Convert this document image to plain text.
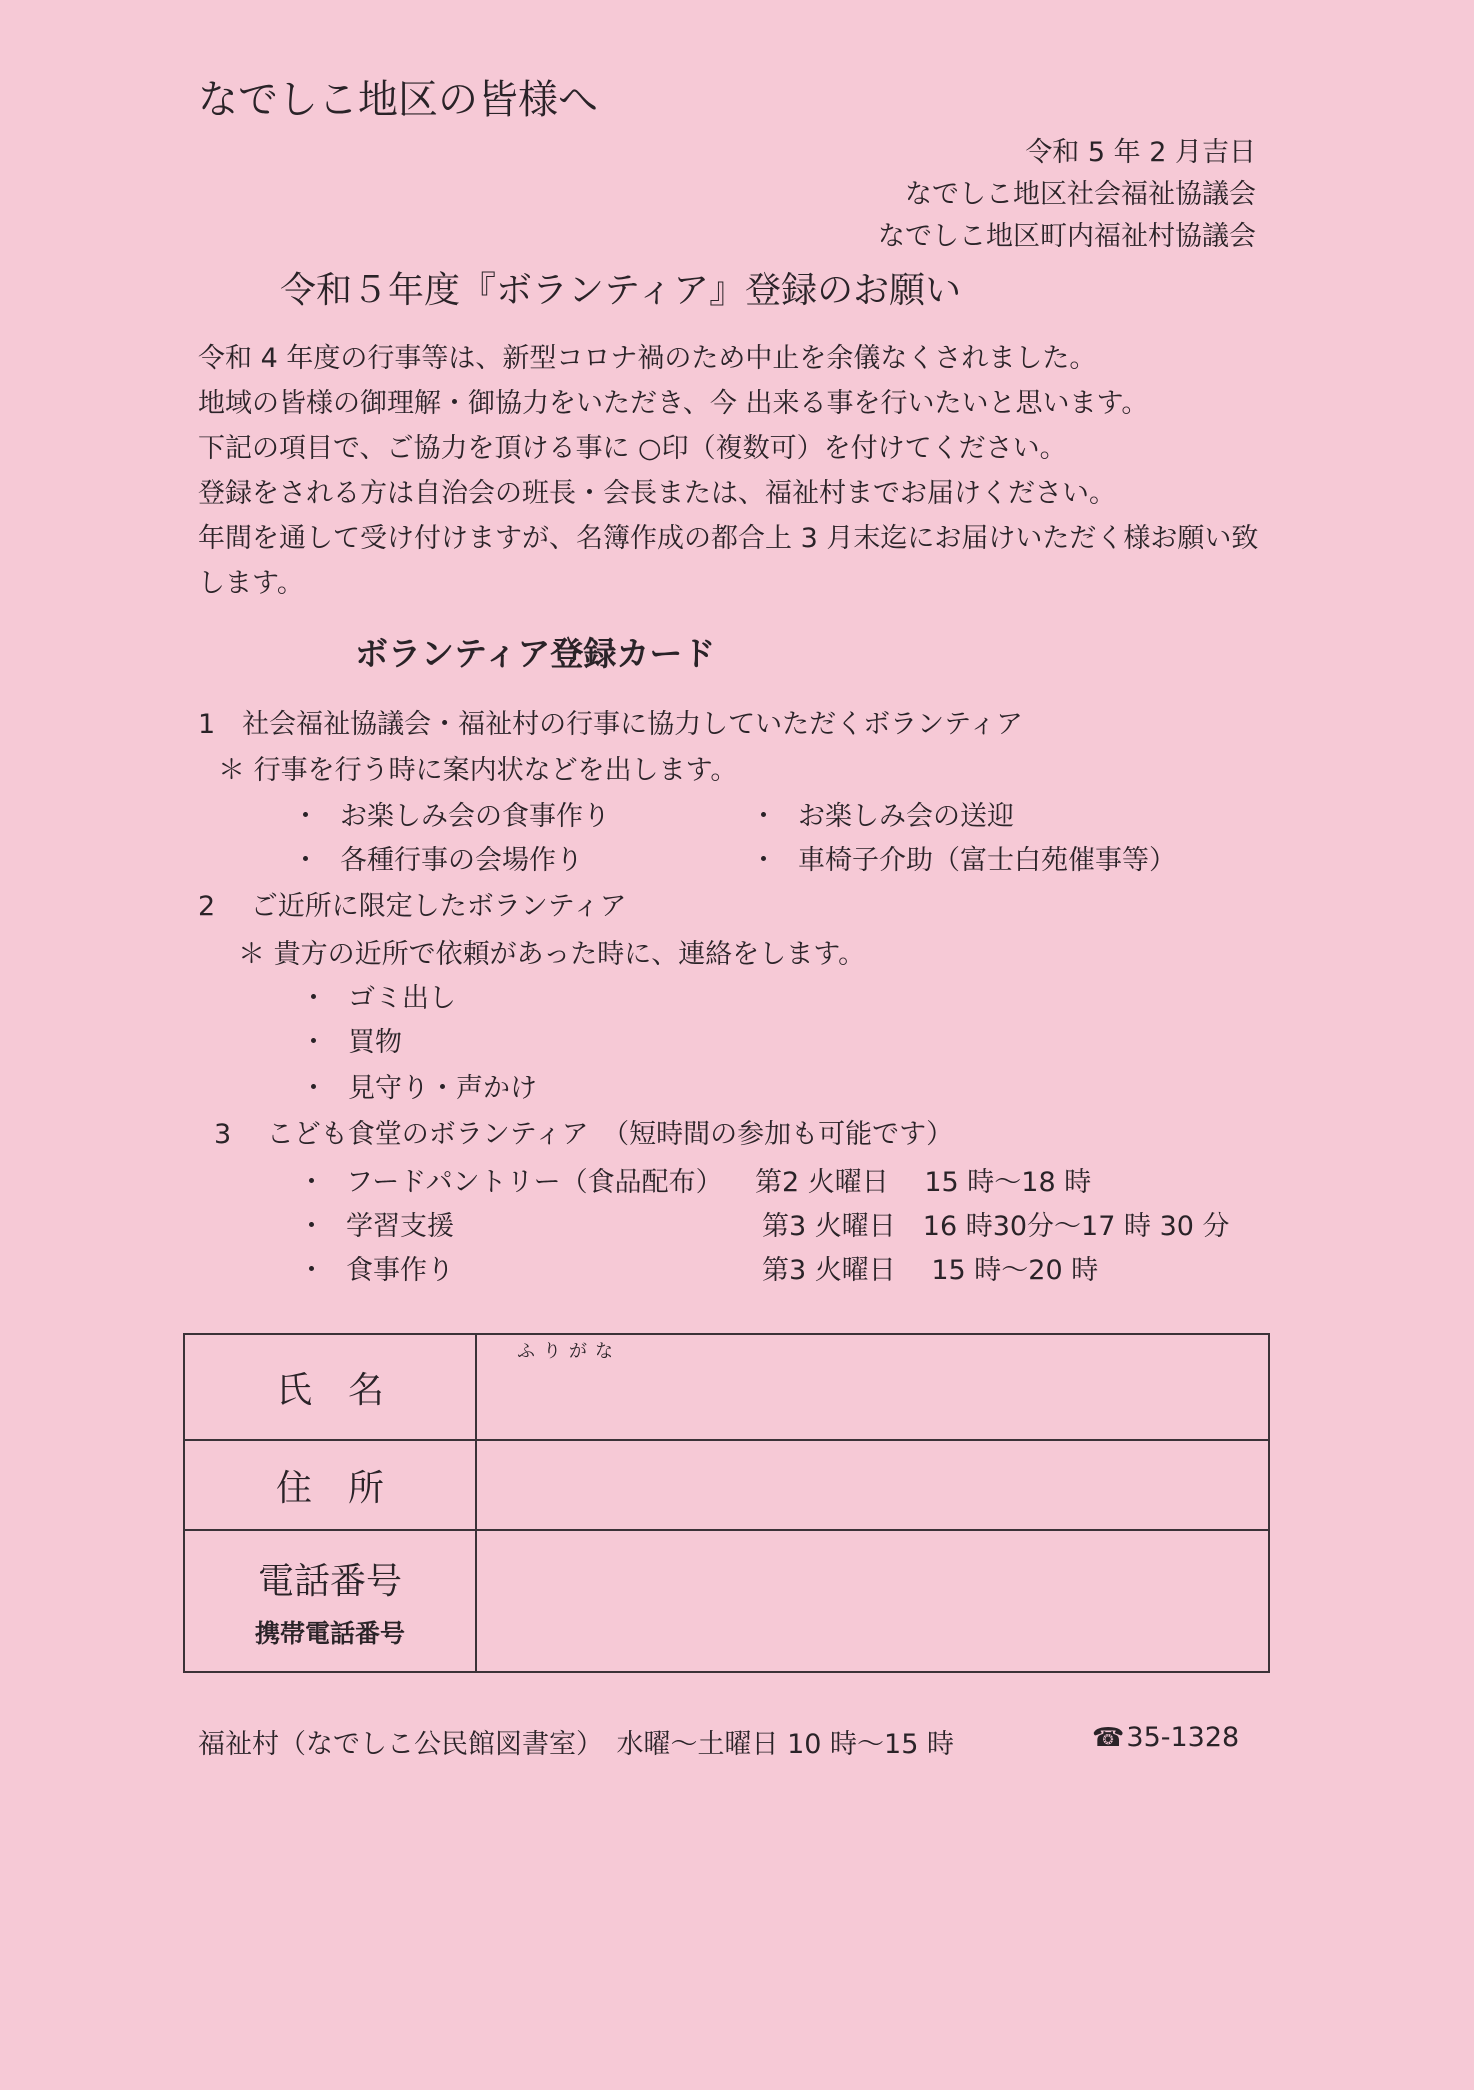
なでしこ地区の皆様へ
令和 5 年 2 月吉日
なでしこ地区社会福祉協議会
なでしこ地区町内福祉村協議会
令和５年度『ボランティア』登録のお願い

令和 4 年度の行事等は、新型コロナ禍のため中止を余儀なくされました。

地域の皆様の御理解・御協力をいただき、今 出来る事を行いたいと思います。

下記の項目で、ご協力を頂ける事に ○印（複数可）を付けてください。

登録をされる方は自治会の班長・会長または、福祉村までお届けください。

年間を通して受け付けますが、名簿作成の都合上 3 月末迄にお届けいただく様お願い致します。

ボランティア登録カード
1　社会福祉協議会・福祉村の行事に協力していただくボランティア
＊ 行事を行う時に案内状などを出します。
・ お楽しみ会の食事作り	・ お楽しみ会の送迎
・ 各種行事の会場作り	・ 車椅子介助（富士白苑催事等）
2　 ご近所に限定したボランティア
＊ 貴方の近所で依頼があった時に、連絡をします。
・ ゴミ出し
・ 買物
・ 見守り・声かけ
3　 こども食堂のボランティア　（短時間の参加も可能です）
・ フードパントリー（食品配布） 第2 火曜日　 15 時～18 時
・ 学習支援	第3 火曜日　16 時30分～17 時 30 分
・ 食事作り	第3 火曜日　 15 時～20 時
氏　名	ふりがな

住　所	
電話番号
携帯電話番号	

福祉村（なでしこ公民館図書室）　水曜～土曜日 10 時～15 時	☎35-1328
